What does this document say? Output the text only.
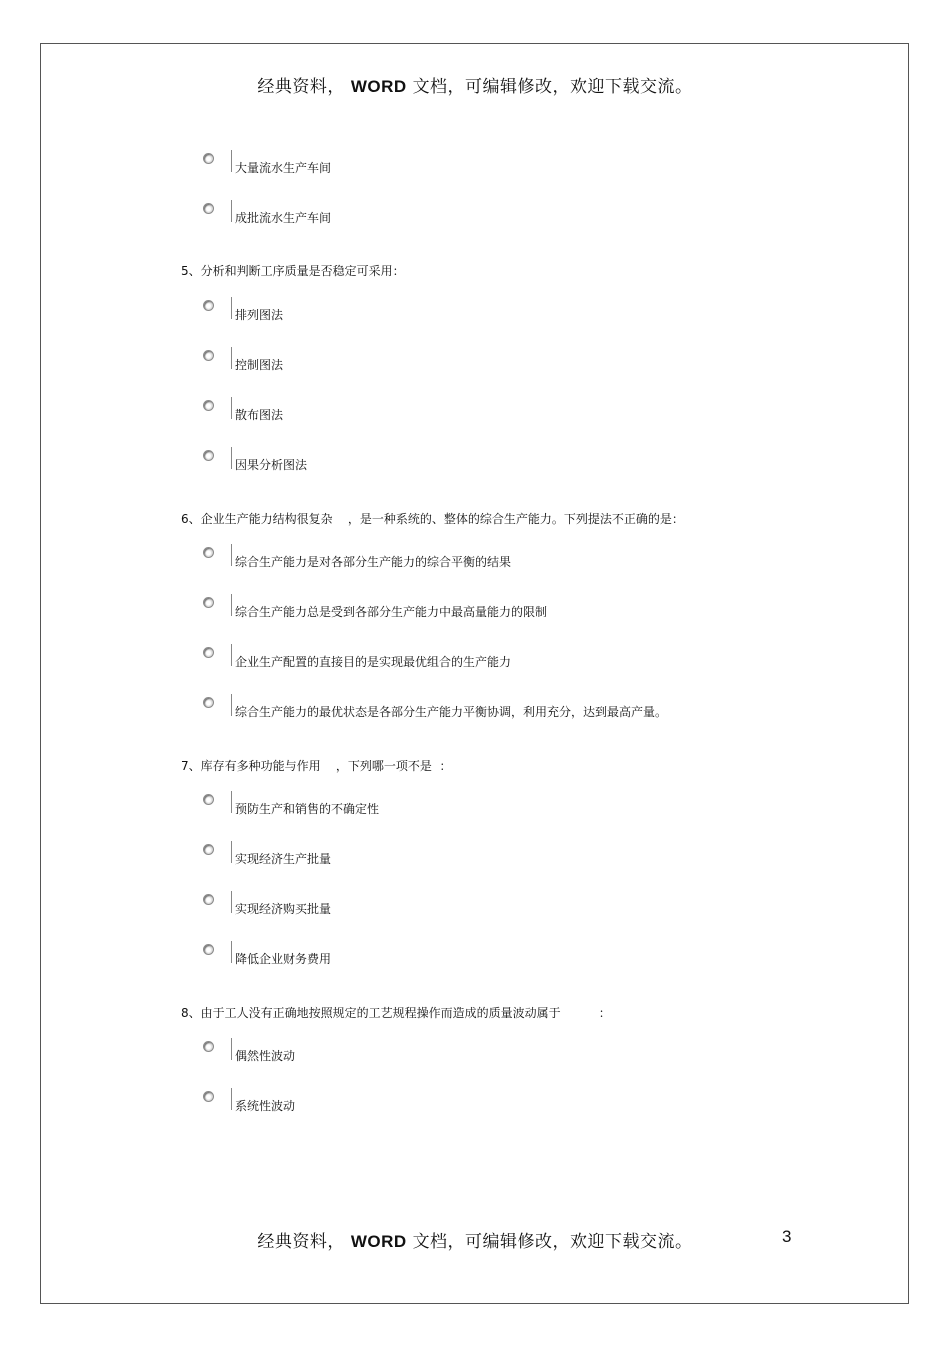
经典资料， WORD 文档，可编辑修改，欢迎下载交流。
大量流水生产车间
成批流水生产车间
5、分析和判断工序质量是否稳定可采用：
排列图法
控制图法
散布图法
因果分析图法
6、企业生产能力结构很复杂    ，是一种系统的、整体的综合生产能力。下列提法不正确的是：
综合生产能力是对各部分生产能力的综合平衡的结果
综合生产能力总是受到各部分生产能力中最高量能力的限制
企业生产配置的直接目的是实现最优组合的生产能力
综合生产能力的最优状态是各部分生产能力平衡协调，利用充分，达到最高产量。
7、库存有多种功能与作用    ，下列哪一项不是  ：
预防生产和销售的不确定性
实现经济生产批量
实现经济购买批量
降低企业财务费用
8、由于工人没有正确地按照规定的工艺规程操作而造成的质量波动属于          ：
偶然性波动
系统性波动
经典资料， WORD 文档，可编辑修改，欢迎下载交流。	3
